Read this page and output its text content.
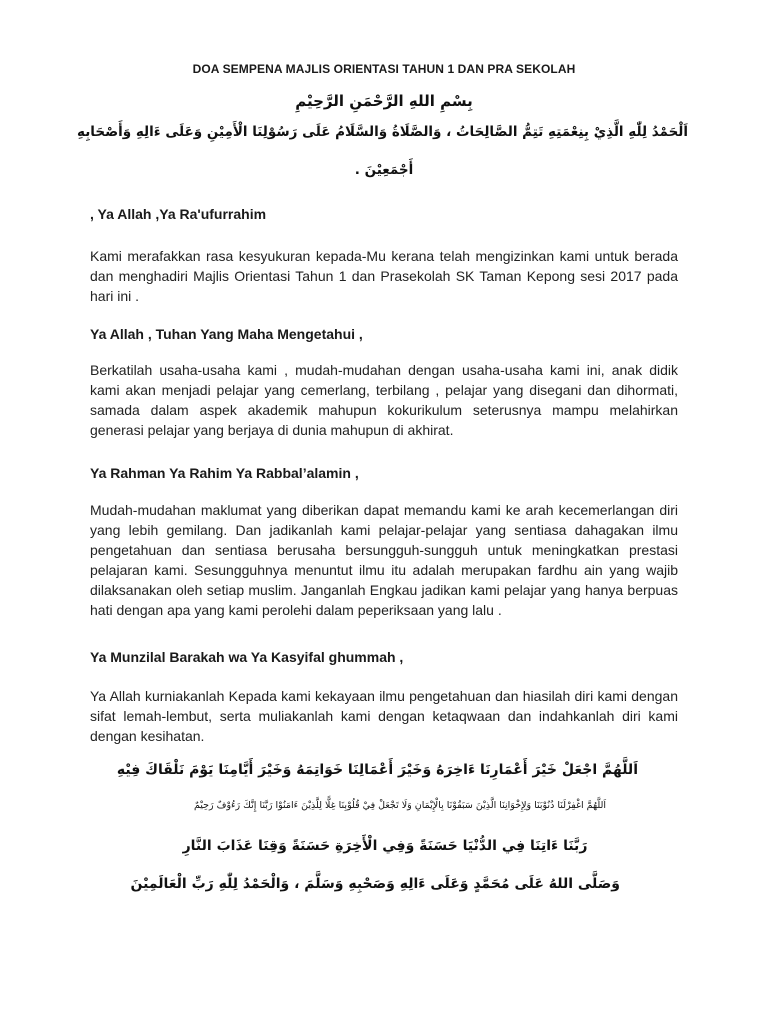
DOA SEMPENA MAJLIS ORIENTASI TAHUN 1 DAN PRA SEKOLAH
بِسْمِ اللهِ الرَّحْمَنِ الرَّحِيْمِ
اَلْحَمْدُ لِلّٰهِ الَّذِيْ بِنِعْمَتِهِ تَتِمُّ الصَّالِحَاتُ ، وَالصَّلَاةُ وَالسَّلَامُ عَلَى رَسُوْلِنَا الْأَمِيْنِ وَعَلَى ءَالِهِ وَأَصْحَابِهِ
أَجْمَعِيْنَ .
, Ya Allah ,Ya Ra'ufurrahim
Kami merafakkan rasa kesyukuran kepada-Mu kerana telah mengizinkan kami untuk berada dan menghadiri Majlis Orientasi Tahun 1 dan Prasekolah SK Taman Kepong sesi 2017 pada hari ini .
Ya Allah , Tuhan Yang Maha Mengetahui ,
Berkatilah usaha-usaha kami , mudah-mudahan dengan usaha-usaha kami ini, anak didik kami akan menjadi pelajar yang cemerlang, terbilang , pelajar yang disegani dan dihormati, samada dalam aspek akademik mahupun kokurikulum seterusnya mampu melahirkan generasi pelajar yang berjaya di dunia mahupun di akhirat.
Ya Rahman Ya Rahim Ya Rabbal’alamin ,
Mudah-mudahan maklumat yang diberikan dapat memandu kami ke arah kecemerlangan diri yang lebih gemilang. Dan jadikanlah kami pelajar-pelajar yang sentiasa dahagakan ilmu pengetahuan dan sentiasa berusaha bersungguh-sungguh untuk meningkatkan prestasi pelajaran kami. Sesungguhnya menuntut ilmu itu adalah merupakan fardhu ain yang wajib dilaksanakan oleh setiap muslim. Janganlah Engkau jadikan kami pelajar yang hanya berpuas hati dengan apa yang kami perolehi dalam peperiksaan yang lalu .
Ya Munzilal Barakah wa Ya Kasyifal ghummah ,
Ya Allah kurniakanlah Kepada kami kekayaan ilmu pengetahuan dan hiasilah diri kami dengan sifat lemah-lembut, serta muliakanlah kami dengan ketaqwaan dan indahkanlah diri kami dengan kesihatan.
اَللَّهُمَّ اجْعَلْ خَيْرَ أَعْمَارِنَا ءَاخِرَهُ وَخَيْرَ أَعْمَالِنَا خَوَاتِمَهُ وَخَيْرَ أَيَّامِنَا يَوْمَ نَلْقَاكَ فِيْهِ
اَللَّهُمَّ اغْفِرْلَنَا ذُنُوْبَنَا وَلِإِخْوَانِنَا الَّذِيْنَ سَبَقُوْنَا بِالْإِيْمَانِ وَلَا تَجْعَلْ فِيْ قُلُوْبِنَا غِلًّا لِلَّذِيْنَ ءَامَنُوْا رَبَّنَا إِنَّكَ رَءُوْفٌ رَحِيْمٌ
رَبَّنَا ءَاتِنَا فِي الدُّنْيَا حَسَنَةً وَفِي الْأَخِرَةِ حَسَنَةً وَقِنَا عَذَابَ النَّارِ
وَصَلَّى اللهُ عَلَى مُحَمَّدٍ وَعَلَى ءَالِهِ وَصَحْبِهِ وَسَلَّمَ ، وَالْحَمْدُ لِلّٰهِ رَبِّ الْعَالَمِيْنَ
